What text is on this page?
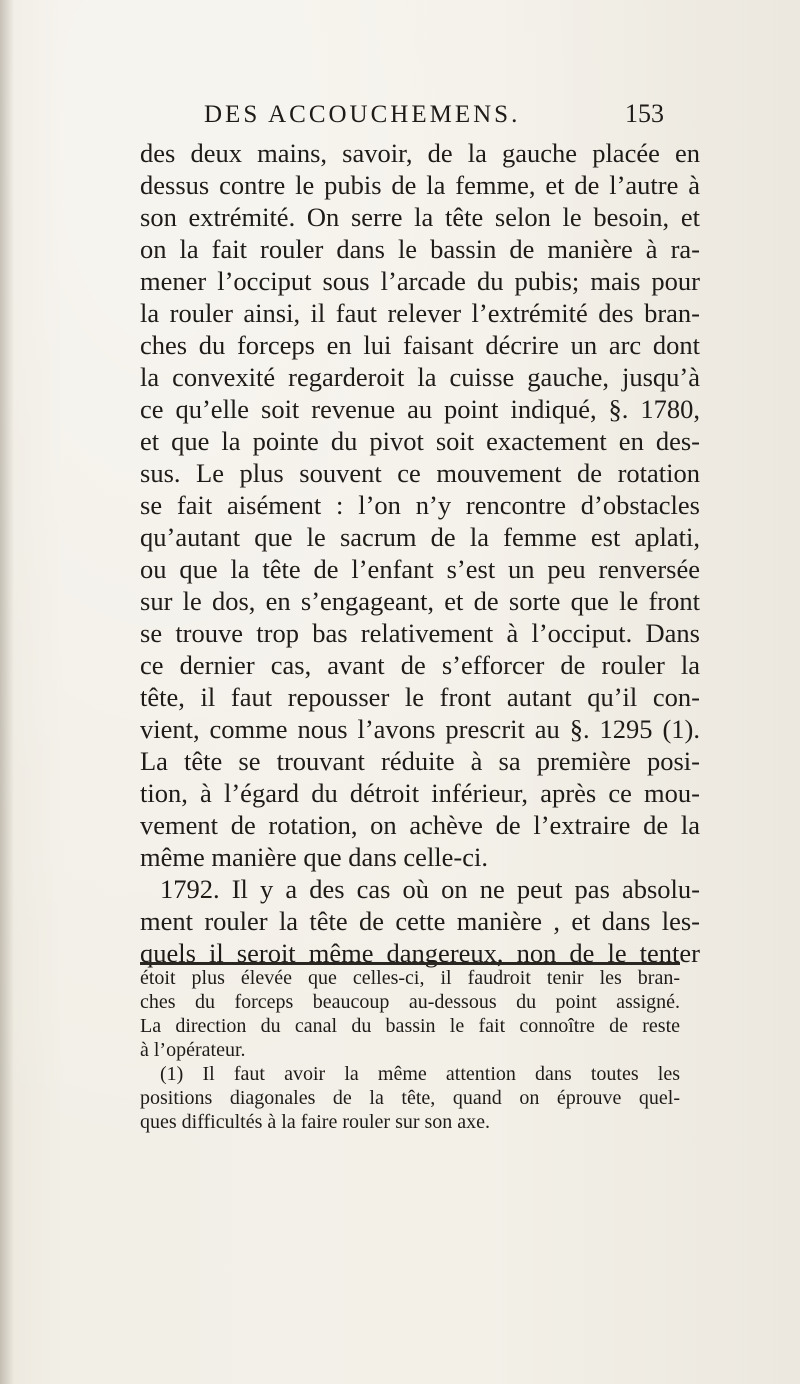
DES ACCOUCHEMENS.	153
des deux mains, savoir, de la gauche placée en
dessus contre le pubis de la femme, et de l’autre à
son extrémité. On serre la tête selon le besoin, et
on la fait rouler dans le bassin de manière à ra-
mener l’occiput sous l’arcade du pubis; mais pour
la rouler ainsi, il faut relever l’extrémité des bran-
ches du forceps en lui faisant décrire un arc dont
la convexité regarderoit la cuisse gauche, jusqu’à
ce qu’elle soit revenue au point indiqué, §. 1780,
et que la pointe du pivot soit exactement en des-
sus. Le plus souvent ce mouvement de rotation
se fait aisément : l’on n’y rencontre d’obstacles
qu’autant que le sacrum de la femme est aplati,
ou que la tête de l’enfant s’est un peu renversée
sur le dos, en s’engageant, et de sorte que le front
se trouve trop bas relativement à l’occiput. Dans
ce dernier cas, avant de s’efforcer de rouler la
tête, il faut repousser le front autant qu’il con-
vient, comme nous l’avons prescrit au §. 1295 (1).
La tête se trouvant réduite à sa première posi-
tion, à l’égard du détroit inférieur, après ce mou-
vement de rotation, on achève de l’extraire de la
même manière que dans celle-ci.
1792. Il y a des cas où on ne peut pas absolu-
ment rouler la tête de cette manière , et dans les-
quels il seroit même dangereux, non de le tenter
étoit plus élevée que celles-ci, il faudroit tenir les bran-
ches du forceps beaucoup au-dessous du point assigné.
La direction du canal du bassin le fait connoître de reste
à l’opérateur.
(1) Il faut avoir la même attention dans toutes les
positions diagonales de la tête, quand on éprouve quel-
ques difficultés à la faire rouler sur son axe.
